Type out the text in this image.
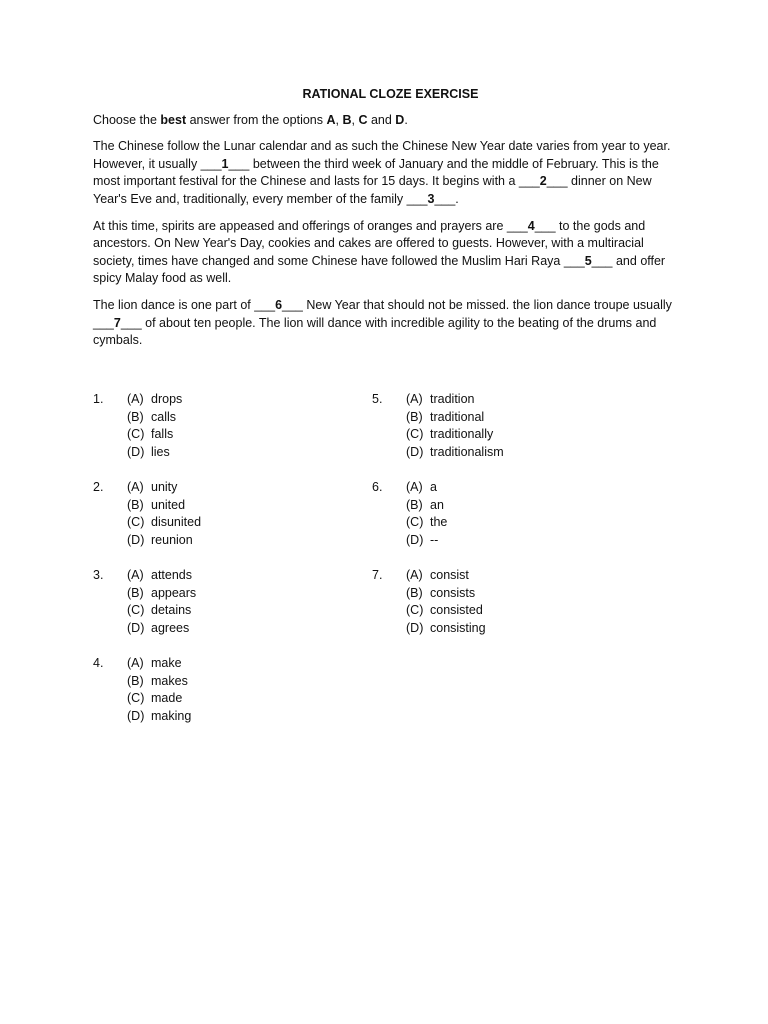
RATIONAL CLOZE EXERCISE

Choose the best answer from the options A, B, C and D.

The Chinese follow the Lunar calendar and as such the Chinese New Year date varies from year to year. However, it usually ___1___ between the third week of January and the middle of February. This is the most important festival for the Chinese and lasts for 15 days. It begins with a ___2___ dinner on New Year's Eve and, traditionally, every member of the family ___3___.

At this time, spirits are appeased and offerings of oranges and prayers are ___4___ to the gods and ancestors. On New Year's Day, cookies and cakes are offered to guests. However, with a multiracial society, times have changed and some Chinese have followed the Muslim Hari Raya ___5___ and offer spicy Malay food as well.

The lion dance is one part of ___6___ New Year that should not be missed. the lion dance troupe usually ___7___ of about ten people. The lion will dance with incredible agility to the beating of the drums and cymbals.

1.	(A) drops
(B) calls
(C) falls
(D) lies
2.	(A) unity
(B) united
(C) disunited
(D) reunion
3.	(A) attends
(B) appears
(C) detains
(D) agrees
4.	(A) make
(B) makes
(C) made
(D) making
5.	(A) tradition
(B) traditional
(C) traditionally
(D) traditionalism
6.	(A) a
(B) an
(C) the
(D) --
7.	(A) consist
(B) consists
(C) consisted
(D) consisting
